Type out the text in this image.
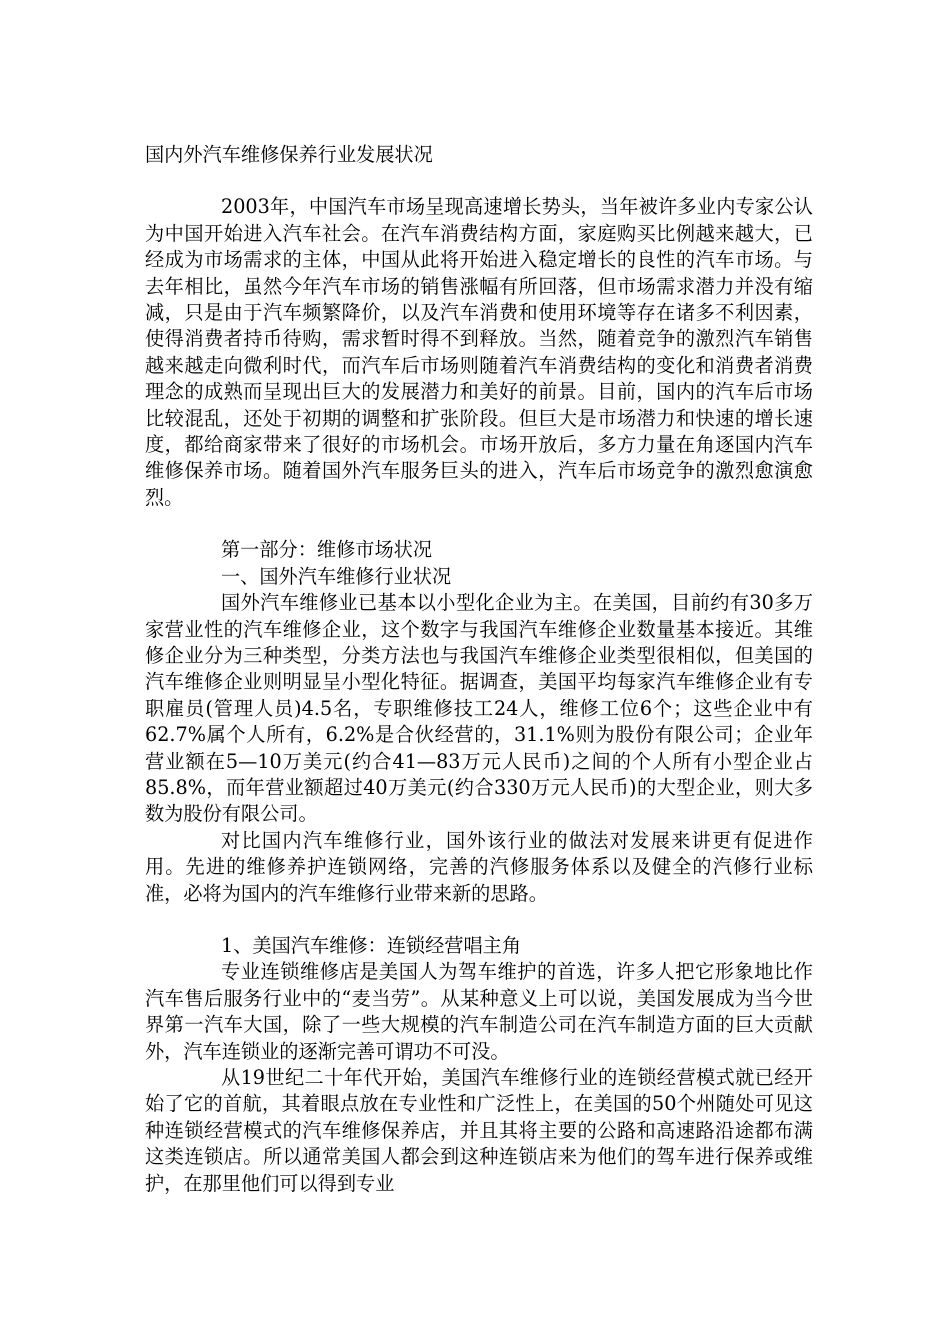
国内外汽车维修保养行业发展状况

2003年，中国汽车市场呈现高速增长势头，当年被许多业内专家公认为中国开始进入汽车社会。在汽车消费结构方面，家庭购买比例越来越大，已经成为市场需求的主体，中国从此将开始进入稳定增长的良性的汽车市场。与去年相比，虽然今年汽车市场的销售涨幅有所回落，但市场需求潜力并没有缩减，只是由于汽车频繁降价，以及汽车消费和使用环境等存在诸多不利因素，使得消费者持币待购，需求暂时得不到释放。当然，随着竞争的激烈汽车销售越来越走向微利时代，而汽车后市场则随着汽车消费结构的变化和消费者消费理念的成熟而呈现出巨大的发展潜力和美好的前景。目前，国内的汽车后市场比较混乱，还处于初期的调整和扩张阶段。但巨大是市场潜力和快速的增长速度，都给商家带来了很好的市场机会。市场开放后，多方力量在角逐国内汽车维修保养市场。随着国外汽车服务巨头的进入，汽车后市场竞争的激烈愈演愈烈。

第一部分：维修市场状况

一、国外汽车维修行业状况

国外汽车维修业已基本以小型化企业为主。在美国，目前约有30多万家营业性的汽车维修企业，这个数字与我国汽车维修企业数量基本接近。其维修企业分为三种类型，分类方法也与我国汽车维修企业类型很相似，但美国的汽车维修企业则明显呈小型化特征。据调查，美国平均每家汽车维修企业有专职雇员(管理人员)4.5名，专职维修技工24人，维修工位6个；这些企业中有62.7%属个人所有，6.2%是合伙经营的，31.1%则为股份有限公司；企业年营业额在5—10万美元(约合41—83万元人民币)之间的个人所有小型企业占85.8%，而年营业额超过40万美元(约合330万元人民币)的大型企业，则大多数为股份有限公司。

对比国内汽车维修行业，国外该行业的做法对发展来讲更有促进作用。先进的维修养护连锁网络，完善的汽修服务体系以及健全的汽修行业标准，必将为国内的汽车维修行业带来新的思路。

1、美国汽车维修：连锁经营唱主角

专业连锁维修店是美国人为驾车维护的首选，许多人把它形象地比作汽车售后服务行业中的“麦当劳”。从某种意义上可以说，美国发展成为当今世界第一汽车大国，除了一些大规模的汽车制造公司在汽车制造方面的巨大贡献外，汽车连锁业的逐渐完善可谓功不可没。

从19世纪二十年代开始，美国汽车维修行业的连锁经营模式就已经开始了它的首航，其着眼点放在专业性和广泛性上，在美国的50个州随处可见这种连锁经营模式的汽车维修保养店，并且其将主要的公路和高速路沿途都布满这类连锁店。所以通常美国人都会到这种连锁店来为他们的驾车进行保养或维护，在那里他们可以得到专业
